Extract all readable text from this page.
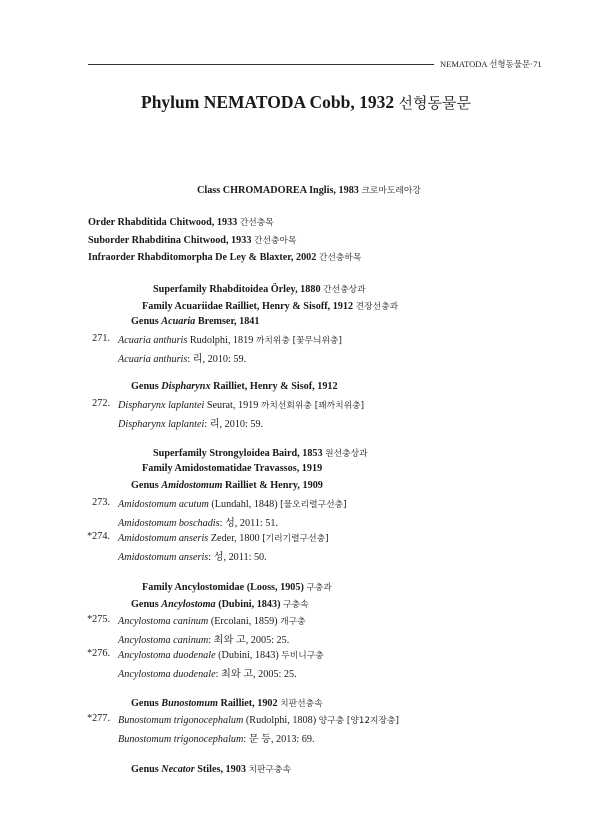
NEMATODA 선형동물문·71
Phylum NEMATODA Cobb, 1932 선형동물문
Class CHROMADOREA Inglis, 1983 크로마도레아강
Order Rhabditida Chitwood, 1933 간선충목
Suborder Rhabditina Chitwood, 1933 간선충아목
Infraorder Rhabditomorpha De Ley & Blaxter, 2002 간선충하목
Superfamily Rhabditoidea Örley, 1880 간선충상과
Family Acuariidae Railliet, Henry & Sisoff, 1912 견장선충과
Genus Acuaria Bremser, 1841
271. Acuaria anthuris Rudolphi, 1819 까치위충 [꽃무늬위충]
Acuaria anthuris: 리, 2010: 59.
Genus Dispharynx Railliet, Henry & Sisof, 1912
272. Dispharynx laplantei Seurat, 1919 까치선회위충 [꽤까치위충]
Dispharynx laplantei: 리, 2010: 59.
Superfamily Strongyloidea Baird, 1853 원선충상과
Family Amidostomatidae Travassos, 1919
Genus Amidostomum Railliet & Henry, 1909
273. Amidostomum acutum (Lundahl, 1848) [물오리렬구선충]
Amidostomum boschadis: 성, 2011: 51.
*274. Amidostomum anseris Zeder, 1800 [기러기렬구선충]
Amidostomum anseris: 성, 2011: 50.
Family Ancylostomidae (Looss, 1905) 구충과
Genus Ancylostoma (Dubini, 1843) 구충속
*275. Ancylostoma caninum (Ercolani, 1859) 개구충
Ancylostoma caninum: 최와 고, 2005: 25.
*276. Ancylostoma duodenale (Dubini, 1843) 두비니구충
Ancylostoma duodenale: 최와 고, 2005: 25.
Genus Bunostomum Railliet, 1902 치판선충속
*277. Bunostomum trigonocephalum (Rudolphi, 1808) 양구충 [양12지장충]
Bunostomum trigonocephalum: 문 등, 2013: 69.
Genus Necator Stiles, 1903 치판구충속
